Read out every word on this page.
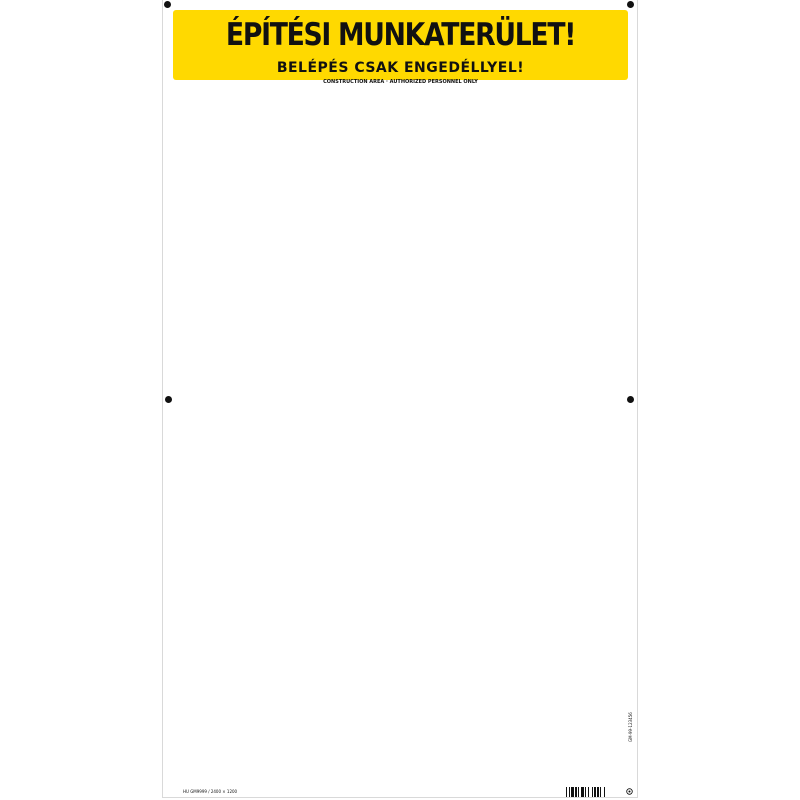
ÉPÍTÉSI MUNKATERÜLET!
BELÉPÉS CSAK ENGEDÉLLYEL!
CONSTRUCTION AREA · AUTHORIZED PERSONNEL ONLY
GM-99-123456
HU GM9999 / 2400 × 1200
